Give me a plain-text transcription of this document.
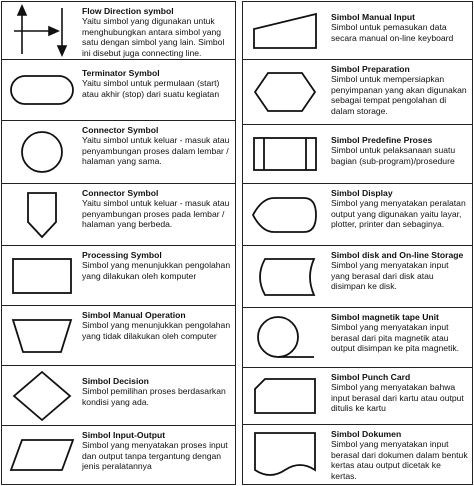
Flow Direction symbol
Yaitu simbol yang digunakan untuk menghubungkan antara simbol yang satu dengan simbol yang lain. Simbol ini disebut juga connecting line.
Terminator Symbol
Yaitu simbol untuk permulaan (start) atau akhir (stop) dari suatu kegiatan
Connector Symbol
Yaitu simbol untuk keluar - masuk atau penyambungan proses dalam lembar / halaman yang sama.
Connector Symbol
Yaitu simbol untuk keluar - masuk atau penyambungan proses pada lembar / halaman yang berbeda.
Processing Symbol
Simbol yang menunjukkan pengolahan yang dilakukan oleh komputer
Simbol Manual Operation
Simbol yang menunjukkan pengolahan yang tidak dilakukan oleh computer
Simbol Decision
Simbol pemilihan proses berdasarkan kondisi yang ada.
Simbol Input-Output
Simbol yang menyatakan proses input dan output tanpa tergantung dengan jenis peralatannya
Simbol Manual Input
Simbol untuk pemasukan data secara manual on-line keyboard
Simbol Preparation
Simbol untuk mempersiapkan penyimpanan yang akan digunakan sebagai tempat pengolahan di dalam storage.
Simbol Predefine Proses
Simbol untuk pelaksanaan suatu bagian (sub-program)/prosedure
Simbol Display
Simbol yang menyatakan peralatan output yang digunakan yaitu layar, plotter, printer dan sebaginya.
Simbol disk and On-line Storage
Simbol yang menyatakan input yang berasal dari disk atau disimpan ke disk.
Simbol magnetik tape Unit
Simbol yang menyatakan input berasal dari pita magnetik atau output disimpan ke pita magnetik.
Simbol Punch Card
Simbol yang menyatakan bahwa input berasal dari kartu atau output ditulis ke kartu
Simbol Dokumen
Simbol yang menyatakan input berasal dari dokumen dalam bentuk kertas atau output dicetak ke kertas.
